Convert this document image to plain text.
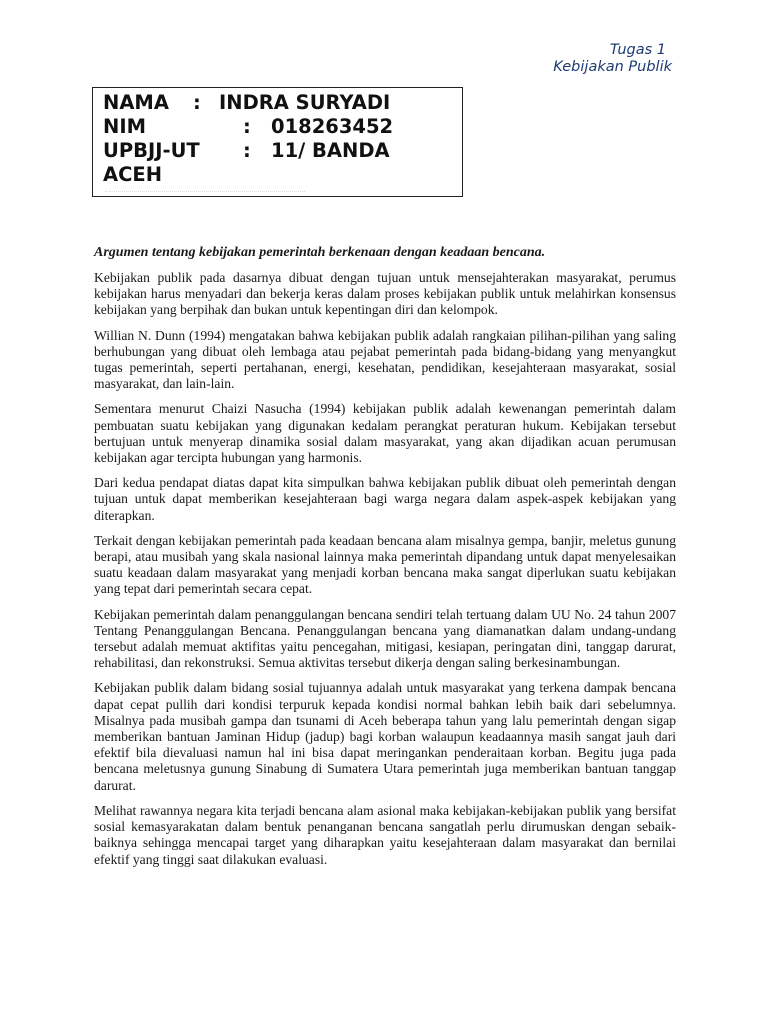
Tugas 1
Kebijakan Publik
NAMA	: INDRA SURYADI
NIM	:	018263452
UPBJJ-UT	:	11/ BANDA
ACEH
Argumen tentang kebijakan pemerintah berkenaan dengan keadaan bencana.

Kebijakan publik pada dasarnya dibuat dengan tujuan untuk mensejahterakan masyarakat, perumus kebijakan harus menyadari dan bekerja keras dalam proses kebijakan publik untuk melahirkan konsensus kebijakan yang berpihak dan bukan untuk kepentingan diri dan kelompok.

Willian N. Dunn (1994) mengatakan bahwa kebijakan publik adalah rangkaian pilihan-pilihan yang saling berhubungan yang dibuat oleh lembaga atau pejabat pemerintah pada bidang-bidang yang menyangkut tugas pemerintah, seperti pertahanan, energi, kesehatan, pendidikan, kesejahteraan masyarakat, sosial masyarakat, dan lain-lain.

Sementara menurut Chaizi Nasucha (1994) kebijakan publik adalah kewenangan pemerintah dalam pembuatan suatu kebijakan yang digunakan kedalam perangkat peraturan hukum. Kebijakan tersebut bertujuan untuk menyerap dinamika sosial dalam masyarakat, yang akan dijadikan acuan perumusan kebijakan agar tercipta hubungan yang harmonis.

Dari kedua pendapat diatas dapat kita simpulkan bahwa kebijakan publik dibuat oleh pemerintah dengan tujuan untuk dapat memberikan kesejahteraan bagi warga negara dalam aspek-aspek kebijakan yang diterapkan.

Terkait dengan kebijakan pemerintah pada keadaan bencana alam misalnya gempa, banjir, meletus gunung berapi, atau musibah yang skala nasional lainnya maka pemerintah dipandang untuk dapat menyelesaikan suatu keadaan dalam masyarakat yang menjadi korban bencana maka sangat diperlukan suatu kebijakan yang tepat dari pemerintah secara cepat.

Kebijakan pemerintah dalam penanggulangan bencana sendiri telah tertuang dalam UU No. 24 tahun 2007 Tentang Penanggulangan Bencana. Penanggulangan bencana yang diamanatkan dalam undang-undang tersebut adalah memuat aktifitas yaitu pencegahan, mitigasi, kesiapan, peringatan dini, tanggap darurat, rehabilitasi, dan rekonstruksi. Semua aktivitas tersebut dikerja dengan saling berkesinambungan.

Kebijakan publik dalam bidang sosial tujuannya adalah untuk masyarakat yang terkena dampak bencana dapat cepat pullih dari kondisi terpuruk kepada kondisi normal bahkan lebih baik dari sebelumnya. Misalnya pada musibah gampa dan tsunami di Aceh beberapa tahun yang lalu pemerintah dengan sigap memberikan bantuan Jaminan Hidup (jadup) bagi korban walaupun keadaannya masih sangat jauh dari efektif bila dievaluasi namun hal ini bisa dapat meringankan penderaitaan korban. Begitu juga pada bencana meletusnya gunung Sinabung di Sumatera Utara pemerintah juga memberikan bantuan tanggap darurat.

Melihat rawannya negara kita terjadi bencana alam asional maka kebijakan-kebijakan publik yang bersifat sosial kemasyarakatan dalam bentuk penanganan bencana sangatlah perlu dirumuskan dengan sebaik-baiknya sehingga mencapai target yang diharapkan yaitu kesejahteraan dalam masyarakat dan bernilai efektif yang tinggi saat dilakukan evaluasi.
